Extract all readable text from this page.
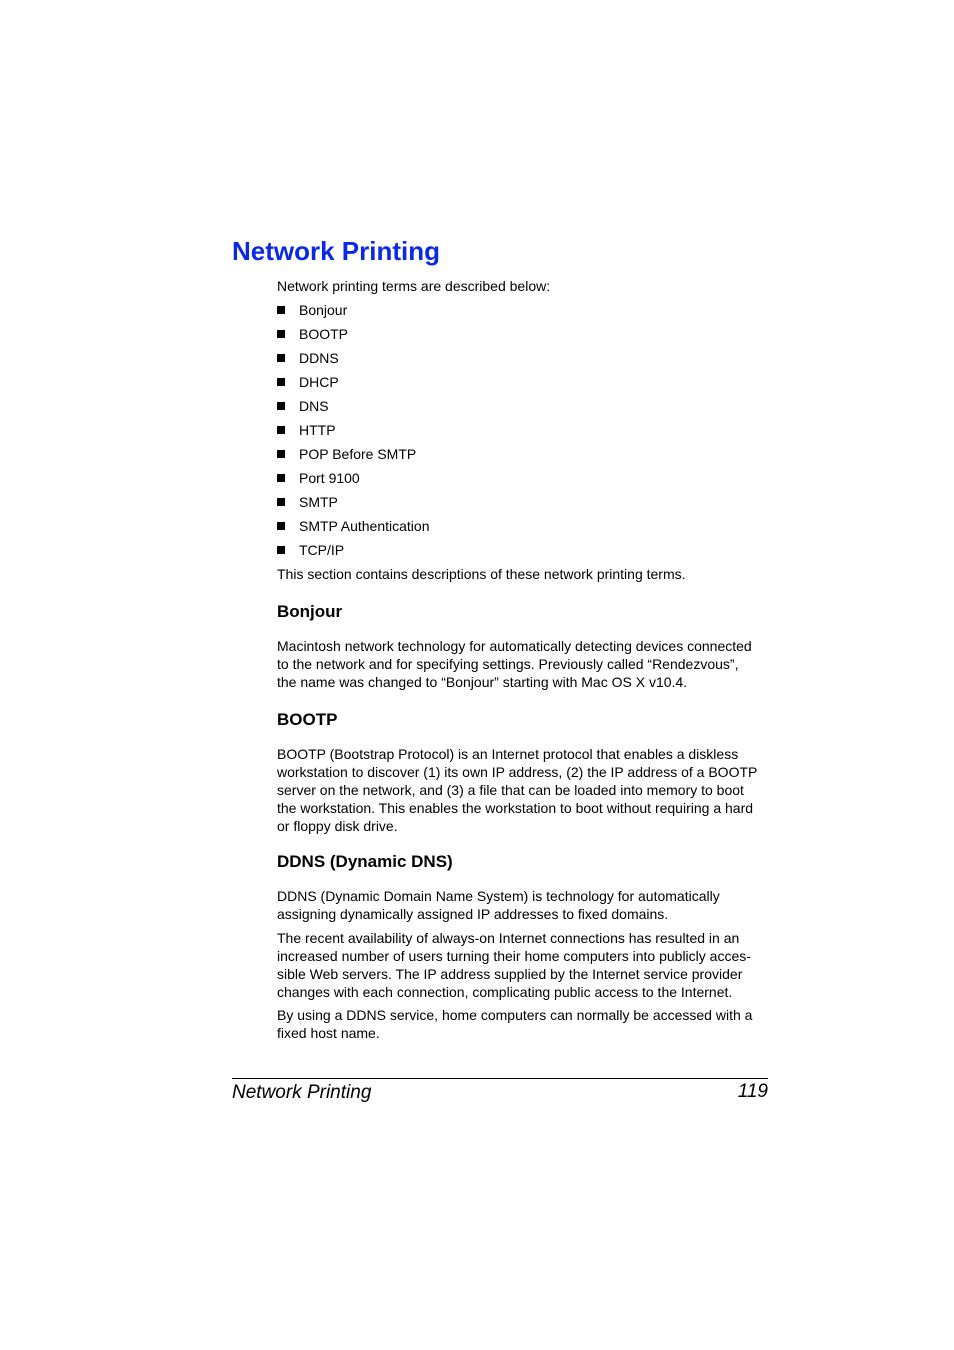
Network Printing

Network printing terms are described below:

Bonjour
BOOTP
DDNS
DHCP
DNS
HTTP
POP Before SMTP
Port 9100
SMTP
SMTP Authentication
TCP/IP

This section contains descriptions of these network printing terms.

Bonjour
Macintosh network technology for automatically detecting devices connected
to the network and for specifying settings. Previously called “Rendezvous”,
the name was changed to “Bonjour” starting with Mac OS X v10.4.
BOOTP
BOOTP (Bootstrap Protocol) is an Internet protocol that enables a diskless
workstation to discover (1) its own IP address, (2) the IP address of a BOOTP
server on the network, and (3) a file that can be loaded into memory to boot
the workstation. This enables the workstation to boot without requiring a hard
or floppy disk drive.
DDNS (Dynamic DNS)
DDNS (Dynamic Domain Name System) is technology for automatically
assigning dynamically assigned IP addresses to fixed domains.
The recent availability of always-on Internet connections has resulted in an
increased number of users turning their home computers into publicly acces-
sible Web servers. The IP address supplied by the Internet service provider
changes with each connection, complicating public access to the Internet.
By using a DDNS service, home computers can normally be accessed with a
fixed host name.
Network Printing	119
